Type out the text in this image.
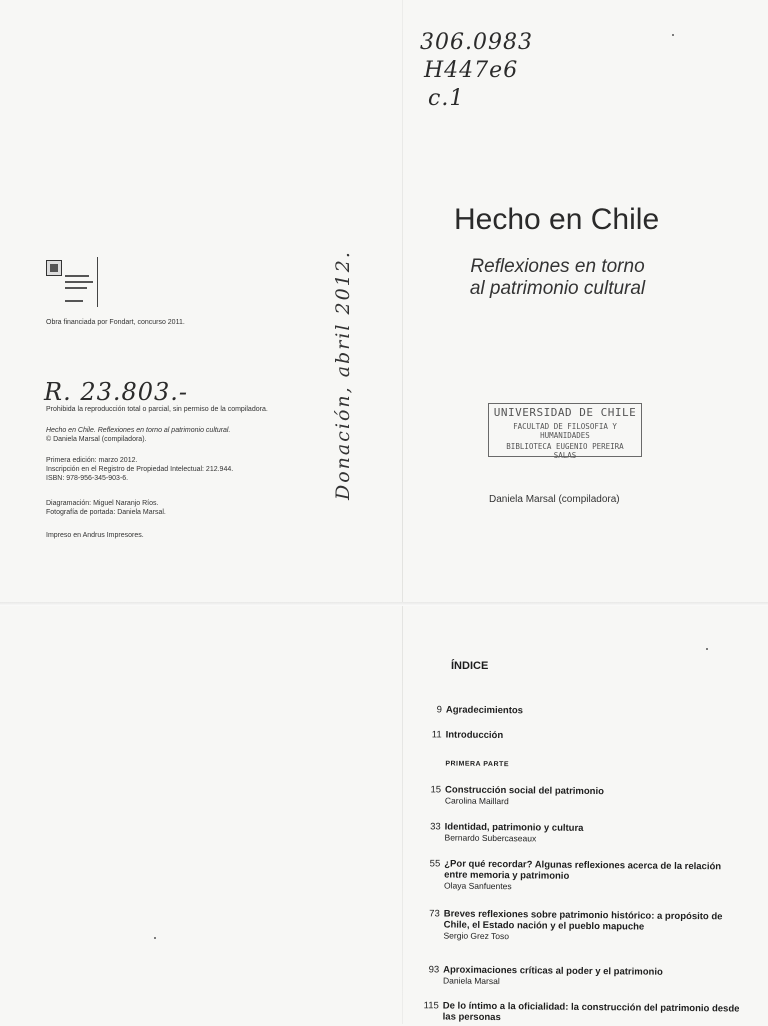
306.0983
H447e6
c.1
R. 23.803.-	Donación, abril 2012.
Obra financiada por Fondart, concurso 2011.
Prohibida la reproducción total o parcial, sin permiso de la compiladora.
Hecho en Chile. Reflexiones en torno al patrimonio cultural.
© Daniela Marsal (compiladora).
Primera edición: marzo 2012.
Inscripción en el Registro de Propiedad Intelectual: 212.944.
ISBN: 978-956-345-903-6.
Diagramación: Miguel Naranjo Ríos.
Fotografía de portada: Daniela Marsal.
Impreso en Andrus Impresores.
Hecho en Chile
Reflexiones en torno
al patrimonio cultural
UNIVERSIDAD DE CHILE
FACULTAD DE FILOSOFIA Y HUMANIDADES
BIBLIOTECA EUGENIO PEREIRA SALAS
Daniela Marsal (compiladora)
ÍNDICE
9 Agradecimientos
11 Introducción
PRIMERA PARTE
15 Construcción social del patrimonio
Carolina Maillard
33 Identidad, patrimonio y cultura
Bernardo Subercaseaux
55 ¿Por qué recordar? Algunas reflexiones acerca de la relación entre memoria y patrimonio
Olaya Sanfuentes
73 Breves reflexiones sobre patrimonio histórico: a propósito de Chile, el Estado nación y el pueblo mapuche
Sergio Grez Toso
93 Aproximaciones críticas al poder y el patrimonio
Daniela Marsal
115 De lo íntimo a la oficialidad: la construcción del patrimonio desde las personas
